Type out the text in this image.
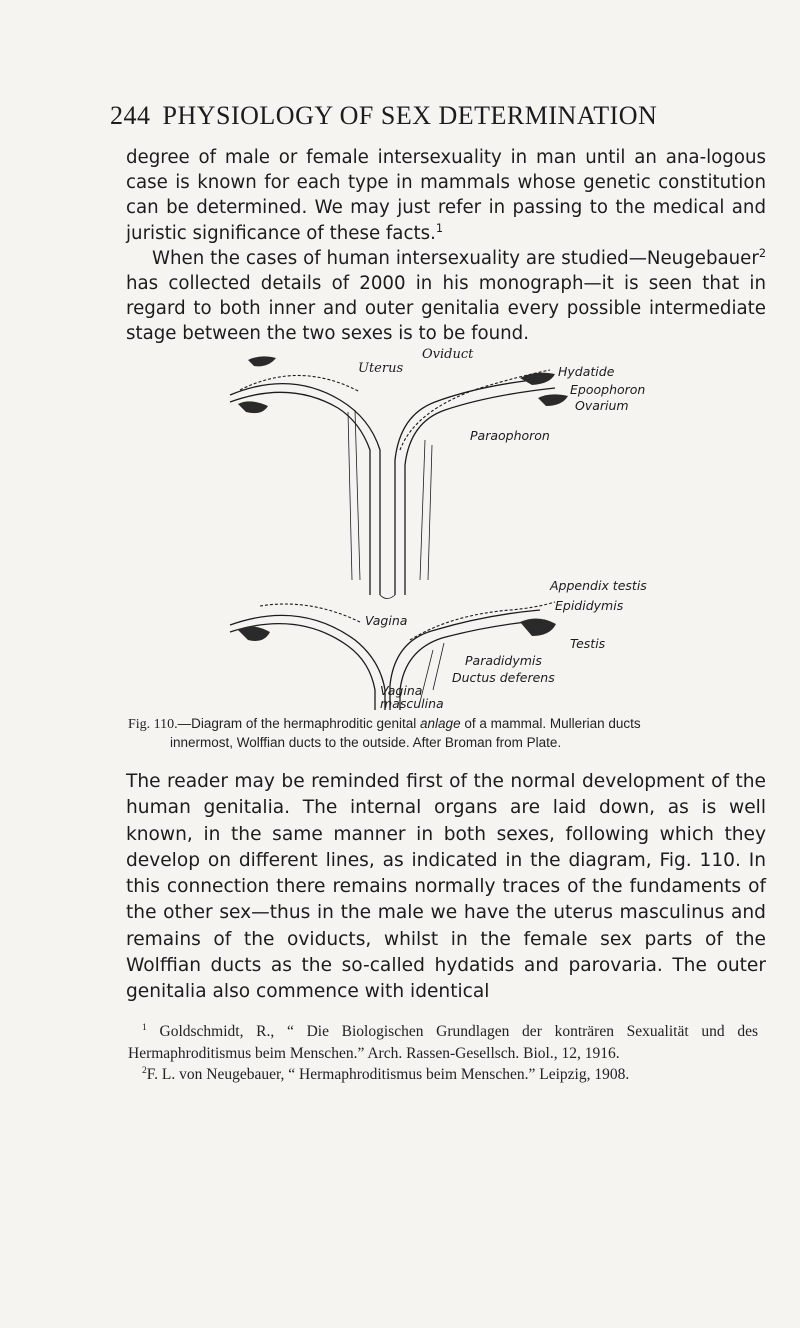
244 PHYSIOLOGY OF SEX DETERMINATION

degree of male or female intersexuality in man until an ana-logous case is known for each type in mammals whose genetic constitution can be determined. We may just refer in passing to the medical and juristic significance of these facts.$^1$

When the cases of human intersexuality are studied—Neugebauer$^2$ has collected details of 2000 in his monograph—it is seen that in regard to both inner and outer genitalia every possible intermediate stage between the two sexes is to be found.

Oviduct
Uterus	Hydatide
Epoophoron
Ovarium
Paraophoron
Appendix testis
Epididymis
Vagina
Testis
Paradidymis
Ductus deferens
Vagina
masculina
Fig. 110.—Diagram of the hermaphroditic genital anlage of a mammal. Mullerian ducts
innermost, Wolffian ducts to the outside. After Broman from Plate.

The reader may be reminded first of the normal development of the human genitalia. The internal organs are laid down, as is well known, in the same manner in both sexes, following which they develop on different lines, as indicated in the diagram, Fig. 110. In this connection there remains normally traces of the fundaments of the other sex—thus in the male we have the uterus masculinus and remains of the oviducts, whilst in the female sex parts of the Wolffian ducts as the so-called hydatids and parovaria. The outer genitalia also commence with identical

$^1$ Goldschmidt, R., “ Die Biologischen Grundlagen der konträren Sexualität und des Hermaphroditismus beim Menschen.” Arch. Rassen-Gesellsch. Biol., 12, 1916.

$^2$F. L. von Neugebauer, “ Hermaphroditismus beim Menschen.” Leipzig, 1908.
